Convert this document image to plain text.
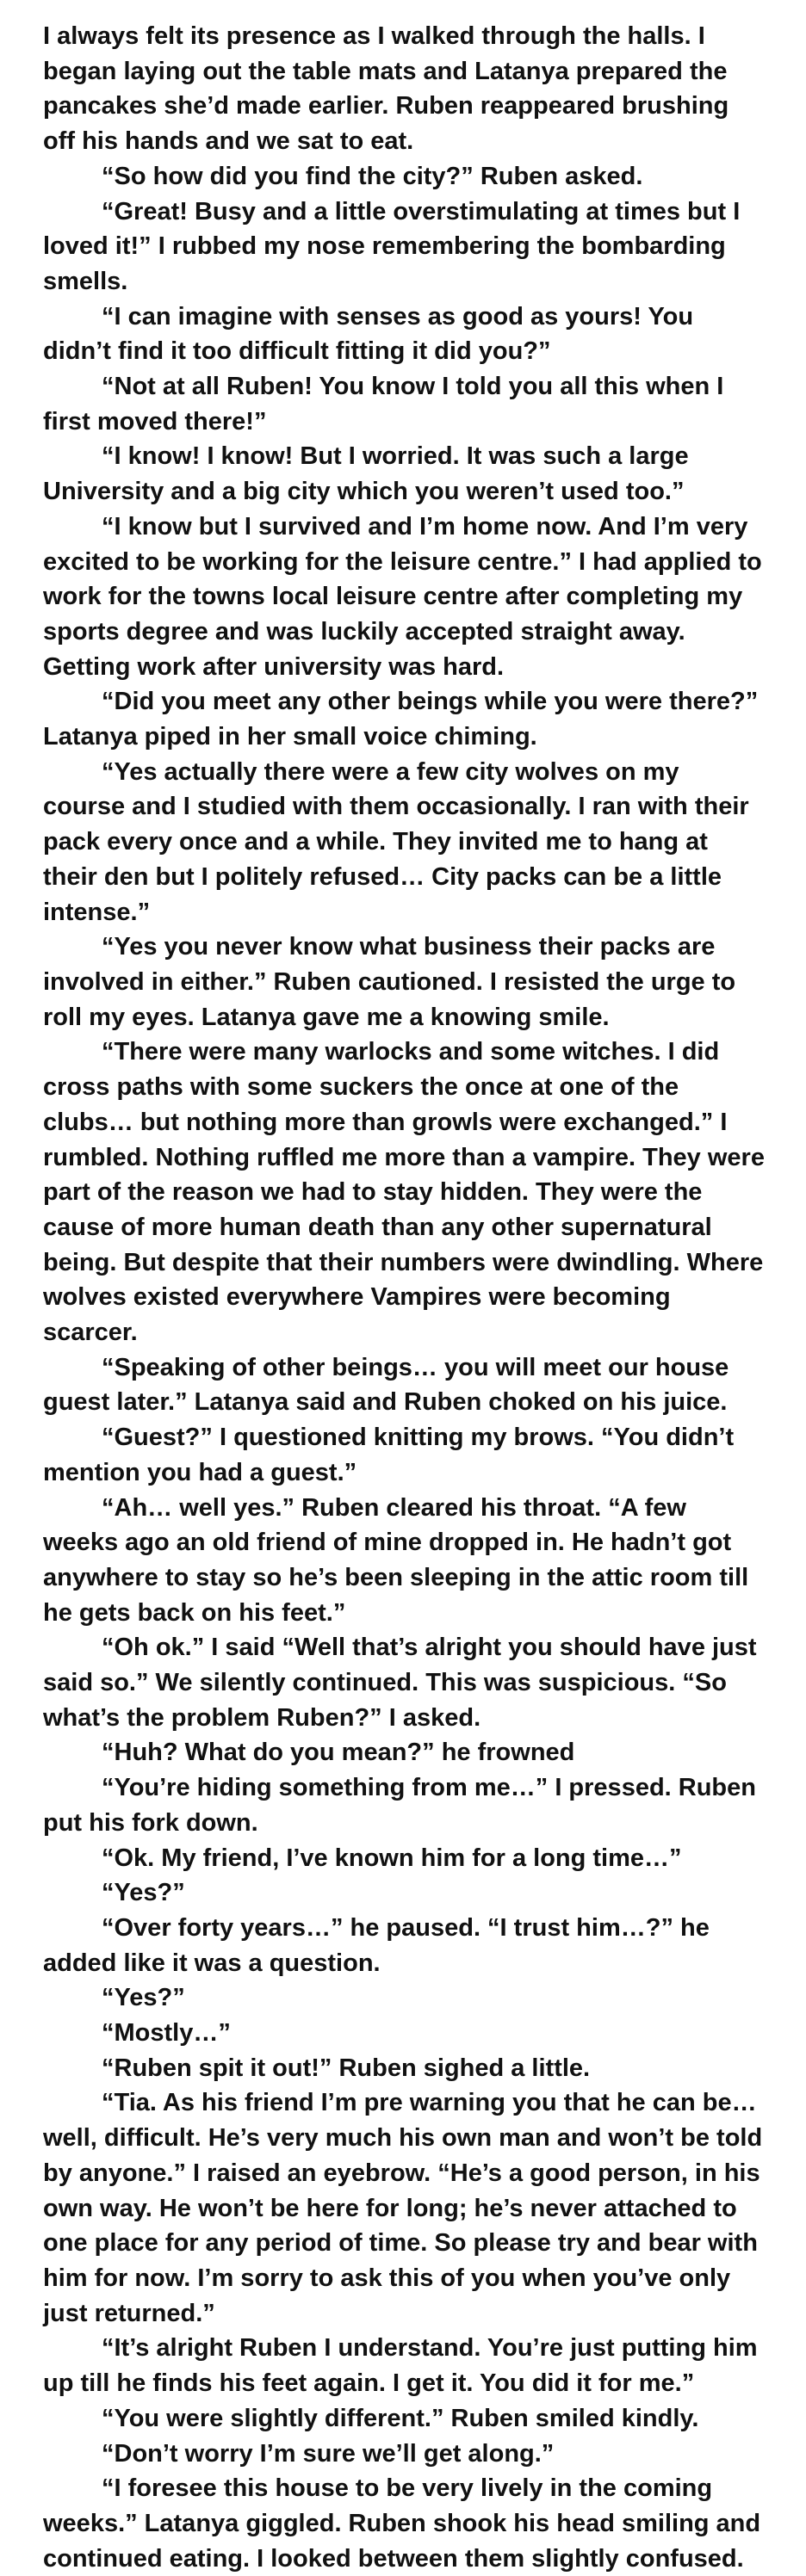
I always felt its presence as I walked through the halls. I began laying out the table mats and Latanya prepared the pancakes she’d made earlier. Ruben reappeared brushing off his hands and we sat to eat.

“So how did you find the city?” Ruben asked.

“Great! Busy and a little overstimulating at times but I loved it!” I rubbed my nose remembering the bombarding smells.

“I can imagine with senses as good as yours! You didn’t find it too difficult fitting it did you?”

“Not at all Ruben! You know I told you all this when I first moved there!”

“I know! I know! But I worried. It was such a large University and a big city which you weren’t used too.”

“I know but I survived and I’m home now. And I’m very excited to be working for the leisure centre.” I had applied to work for the towns local leisure centre after completing my sports degree and was luckily accepted straight away. Getting work after university was hard.

“Did you meet any other beings while you were there?” Latanya piped in her small voice chiming.

“Yes actually there were a few city wolves on my course and I studied with them occasionally. I ran with their pack every once and a while. They invited me to hang at their den but I politely refused… City packs can be a little intense.”

“Yes you never know what business their packs are involved in either.” Ruben cautioned. I resisted the urge to roll my eyes. Latanya gave me a knowing smile.

“There were many warlocks and some witches. I did cross paths with some suckers the once at one of the clubs… but nothing more than growls were exchanged.” I rumbled. Nothing ruffled me more than a vampire. They were part of the reason we had to stay hidden. They were the cause of more human death than any other supernatural being. But despite that their numbers were dwindling. Where wolves existed everywhere Vampires were becoming scarcer.

“Speaking of other beings… you will meet our house guest later.” Latanya said and Ruben choked on his juice.

“Guest?” I questioned knitting my brows. “You didn’t mention you had a guest.”

“Ah… well yes.” Ruben cleared his throat. “A few weeks ago an old friend of mine dropped in. He hadn’t got anywhere to stay so he’s been sleeping in the attic room till he gets back on his feet.”

“Oh ok.” I said “Well that’s alright you should have just said so.” We silently continued. This was suspicious. “So what’s the problem Ruben?” I asked.

“Huh? What do you mean?” he frowned

“You’re hiding something from me…” I pressed. Ruben put his fork down.

“Ok. My friend, I’ve known him for a long time…”

“Yes?”

“Over forty years…” he paused. “I trust him…?” he added like it was a question.

“Yes?”

“Mostly…”

“Ruben spit it out!” Ruben sighed a little.

“Tia. As his friend I’m pre warning you that he can be… well, difficult. He’s very much his own man and won’t be told by anyone.” I raised an eyebrow. “He’s a good person, in his own way. He won’t be here for long; he’s never attached to one place for any period of time. So please try and bear with him for now. I’m sorry to ask this of you when you’ve only just returned.”

“It’s alright Ruben I understand. You’re just putting him up till he finds his feet again. I get it. You did it for me.”

“You were slightly different.” Ruben smiled kindly.

“Don’t worry I’m sure we’ll get along.”

“I foresee this house to be very lively in the coming weeks.” Latanya giggled. Ruben shook his head smiling and continued eating. I looked between them slightly confused.
